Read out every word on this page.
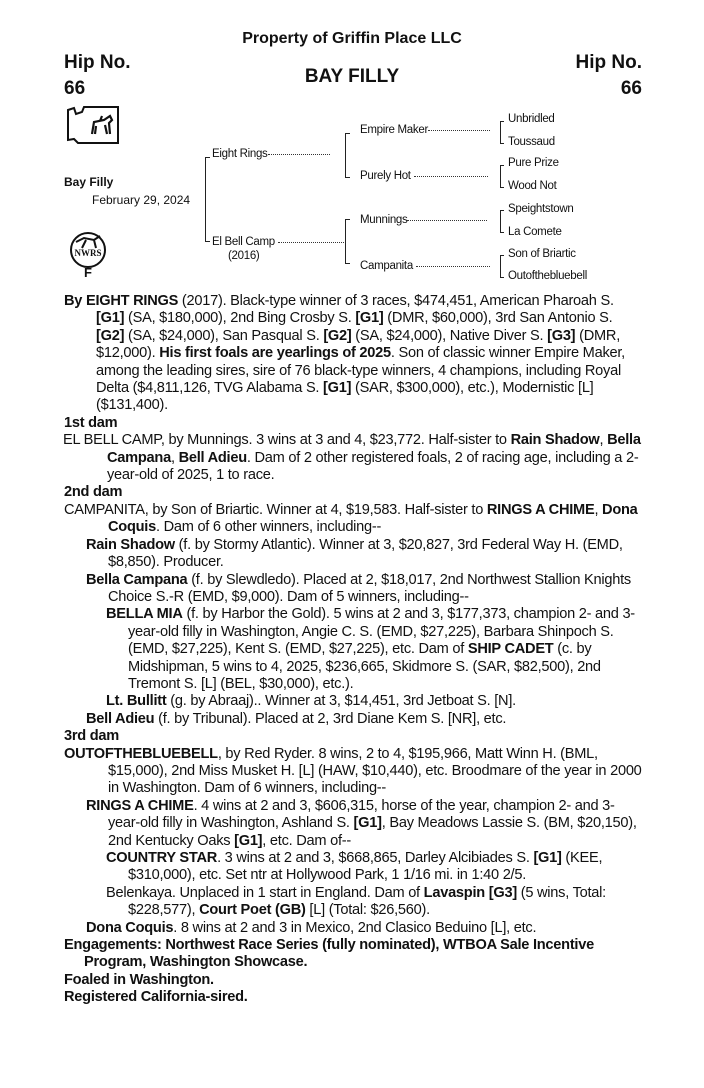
Property of Griffin Place LLC
Hip No.
66
Hip No.
66
BAY FILLY
Bay Filly
February 29, 2024
NWRS
F
Eight Rings
El Bell Camp
(2016)
Empire Maker
Purely Hot
Munnings
Campanita
Unbridled
Toussaud
Pure Prize
Wood Not
Speightstown
La Comete
Son of Briartic
Outofthebluebell

By EIGHT RINGS (2017). Black-type winner of 3 races, $474,451, American Pharoah S. [G1] (SA, $180,000), 2nd Bing Crosby S. [G1] (DMR, $60,000), 3rd San Antonio S. [G2] (SA, $24,000), San Pasqual S. [G2] (SA, $24,000), Native Diver S. [G3] (DMR, $12,000). His first foals are yearlings of 2025. Son of classic winner Empire Maker, among the leading sires, sire of 76 black-type winners, 4 champions, including Royal Delta ($4,811,126, TVG Alabama S. [G1] (SAR, $300,000), etc.), Modernistic [L] ($131,400).

1st dam

EL BELL CAMP, by Munnings. 3 wins at 3 and 4, $23,772. Half-sister to Rain Shadow, Bella Campana, Bell Adieu. Dam of 2 other registered foals, 2 of racing age, including a 2-year-old of 2025, 1 to race.

2nd dam

CAMPANITA, by Son of Briartic. Winner at 4, $19,583. Half-sister to RINGS A CHIME, Dona Coquis. Dam of 6 other winners, including--

Rain Shadow (f. by Stormy Atlantic). Winner at 3, $20,827, 3rd Federal Way H. (EMD, $8,850). Producer.

Bella Campana (f. by Slewdledo). Placed at 2, $18,017, 2nd Northwest Stallion Knights Choice S.-R (EMD, $9,000). Dam of 5 winners, including--

BELLA MIA (f. by Harbor the Gold). 5 wins at 2 and 3, $177,373, champion 2- and 3-year-old filly in Washington, Angie C. S. (EMD, $27,225), Barbara Shinpoch S. (EMD, $27,225), Kent S. (EMD, $27,225), etc. Dam of SHIP CADET (c. by Midshipman, 5 wins to 4, 2025, $236,665, Skidmore S. (SAR, $82,500), 2nd Tremont S. [L] (BEL, $30,000), etc.).

Lt. Bullitt (g. by Abraaj).. Winner at 3, $14,451, 3rd Jetboat S. [N].

Bell Adieu (f. by Tribunal). Placed at 2, 3rd Diane Kem S. [NR], etc.

3rd dam

OUTOFTHEBLUEBELL, by Red Ryder. 8 wins, 2 to 4, $195,966, Matt Winn H. (BML, $15,000), 2nd Miss Musket H. [L] (HAW, $10,440), etc. Broodmare of the year in 2000 in Washington. Dam of 6 winners, including--

RINGS A CHIME. 4 wins at 2 and 3, $606,315, horse of the year, champion 2- and 3-year-old filly in Washington, Ashland S. [G1], Bay Meadows Lassie S. (BM, $20,150), 2nd Kentucky Oaks [G1], etc. Dam of--

COUNTRY STAR. 3 wins at 2 and 3, $668,865, Darley Alcibiades S. [G1] (KEE, $310,000), etc. Set ntr at Hollywood Park, 1 1/16 mi. in 1:40 2/5.

Belenkaya. Unplaced in 1 start in England. Dam of Lavaspin [G3] (5 wins, Total: $228,577), Court Poet (GB) [L] (Total: $26,560).

Dona Coquis. 8 wins at 2 and 3 in Mexico, 2nd Clasico Beduino [L], etc.

Engagements: Northwest Race Series (fully nominated), WTBOA Sale Incentive Program, Washington Showcase.

Foaled in Washington.

Registered California-sired.
